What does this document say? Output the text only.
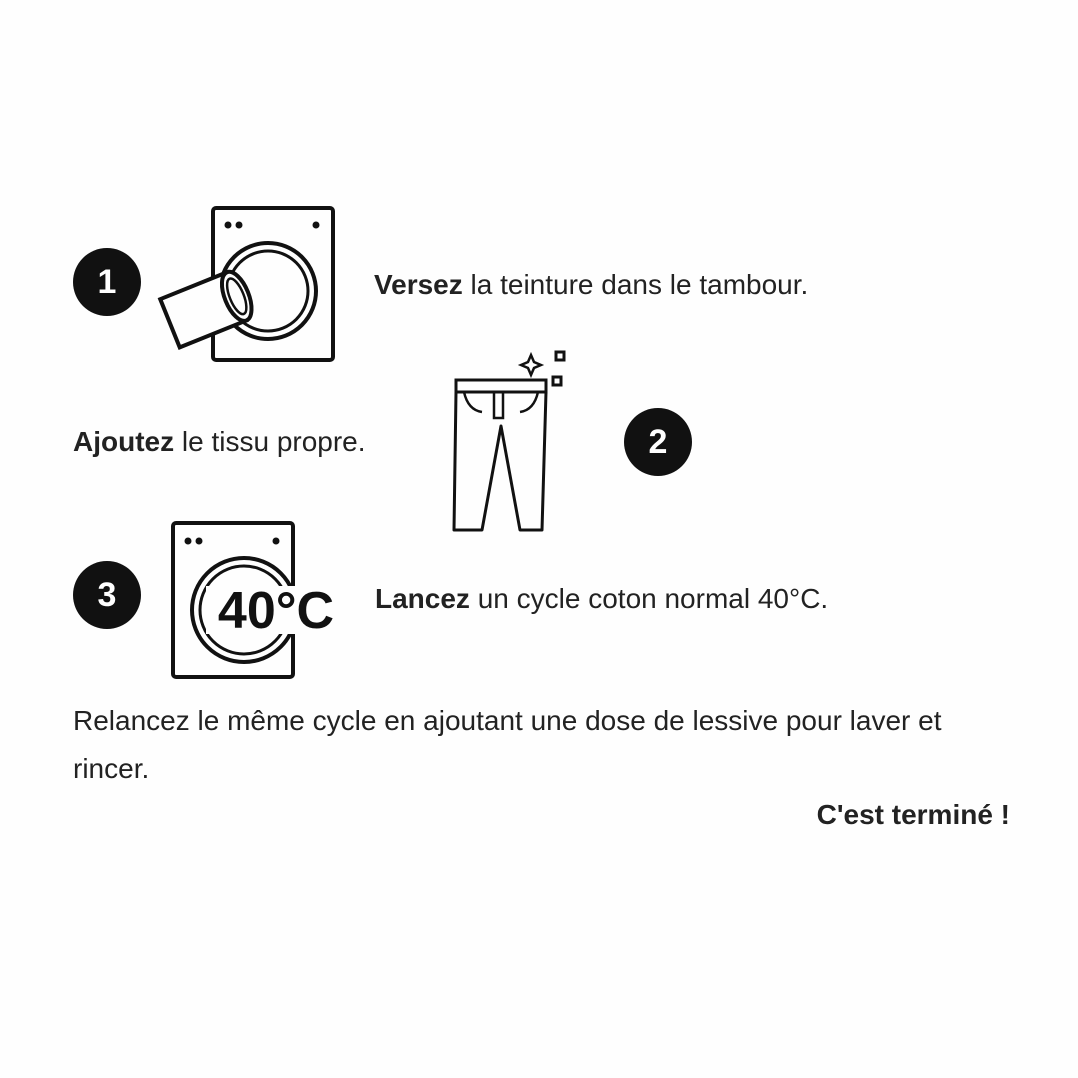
1	Versez la teinture dans le tambour.
Ajoutez le tissu propre.	2
3 40°C Lancez un cycle coton normal 40°C.
Relancez le même cycle en ajoutant une dose de lessive pour laver et rincer.
C'est terminé !
